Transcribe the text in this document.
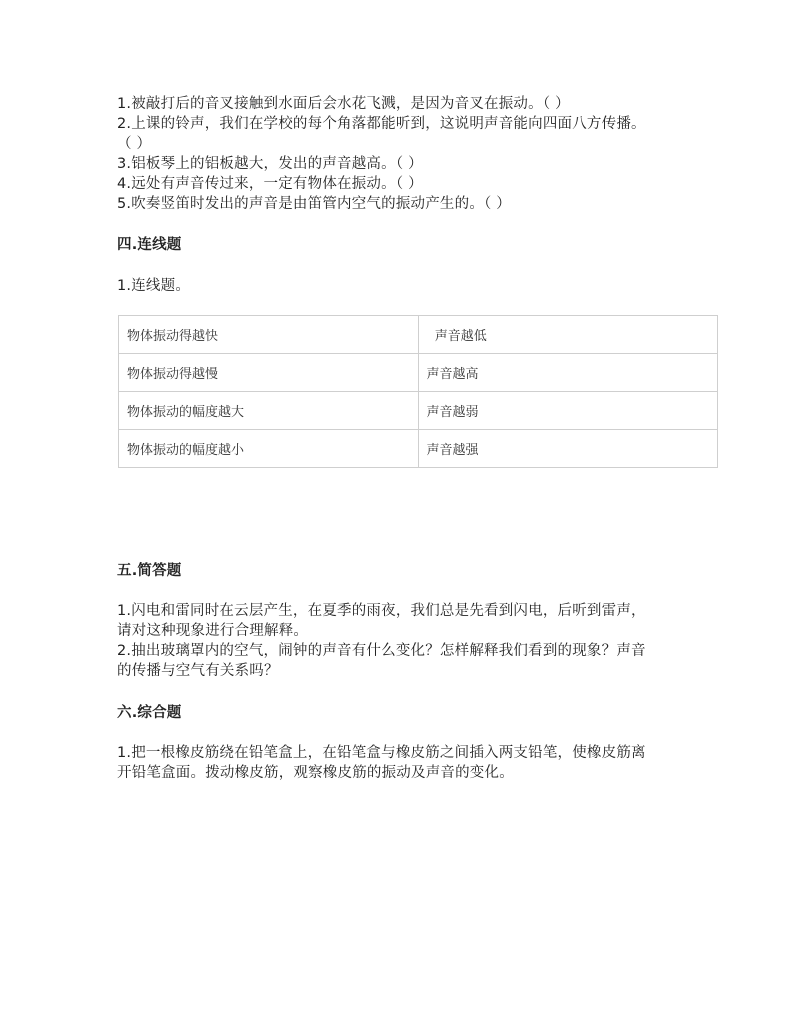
1.被敲打后的音叉接触到水面后会水花飞溅，是因为音叉在振动。（ ）
2.上课的铃声，我们在学校的每个角落都能听到，这说明声音能向四面八方传播。
（ ）
3.铝板琴上的铝板越大，发出的声音越高。（ ）
4.远处有声音传过来，一定有物体在振动。（ ）
5.吹奏竖笛时发出的声音是由笛管内空气的振动产生的。（ ）
四.连线题
1.连线题。
物体振动得越快	声音越低
物体振动得越慢	声音越高
物体振动的幅度越大	声音越弱
物体振动的幅度越小	声音越强
五.简答题
1.闪电和雷同时在云层产生，在夏季的雨夜，我们总是先看到闪电，后听到雷声，
请对这种现象进行合理解释。
2.抽出玻璃罩内的空气，闹钟的声音有什么变化？怎样解释我们看到的现象？声音
的传播与空气有关系吗？
六.综合题
1.把一根橡皮筋绕在铅笔盒上，在铅笔盒与橡皮筋之间插入两支铅笔，使橡皮筋离
开铅笔盒面。拨动橡皮筋，观察橡皮筋的振动及声音的变化。
